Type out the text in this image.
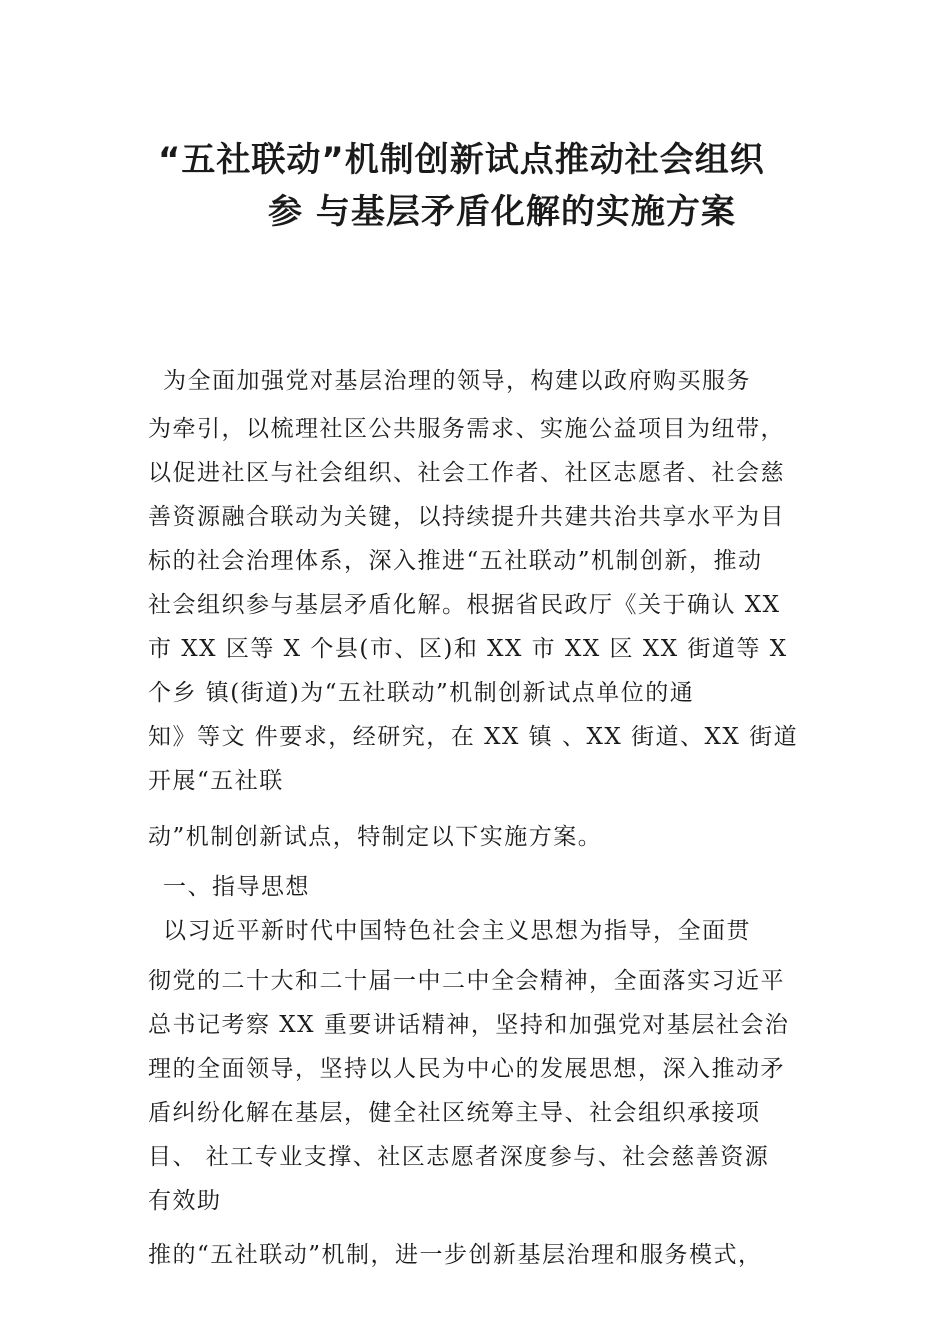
“五社联动”机制创新试点推动社会组织
参 与基层矛盾化解的实施方案
为全面加强党对基层治理的领导，构建以政府购买服务
为牵引，以梳理社区公共服务需求、实施公益项目为纽带，
以促进社区与社会组织、社会工作者、社区志愿者、社会慈
善资源融合联动为关键，以持续提升共建共治共享水平为目
标的社会治理体系，深入推进“五社联动”机制创新，推动
社会组织参与基层矛盾化解。根据省民政厅《关于确认 XX
市 XX 区等 X 个县(市、区)和 XX 市 XX 区 XX 街道等 X
个乡 镇(街道)为“五社联动”机制创新试点单位的通
知》等文 件要求，经研究，在 XX 镇 、XX 街道、XX 街道
开展“五社联
动”机制创新试点，特制定以下实施方案。
一、指导思想
以习近平新时代中国特色社会主义思想为指导，全面贯
彻党的二十大和二十届一中二中全会精神，全面落实习近平
总书记考察 XX 重要讲话精神，坚持和加强党对基层社会治
理的全面领导，坚持以人民为中心的发展思想，深入推动矛
盾纠纷化解在基层，健全社区统筹主导、社会组织承接项
目、 社工专业支撑、社区志愿者深度参与、社会慈善资源
有效助
推的“五社联动”机制，进一步创新基层治理和服务模式，
